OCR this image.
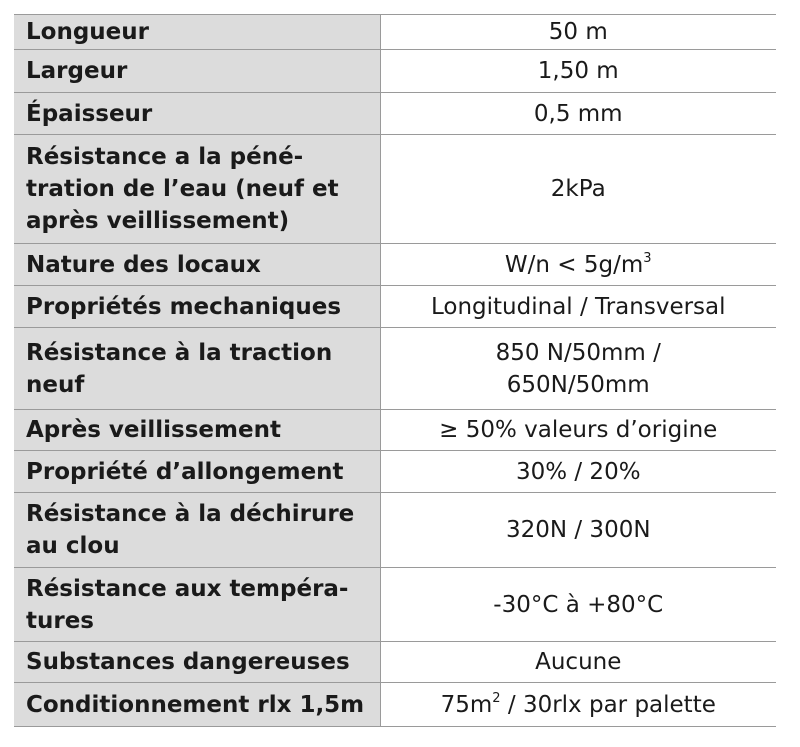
Longueur	50 m
Largeur	1,50 m
Épaisseur	0,5 mm

Résistance a la péné-
tration de l’eau (neuf et
après veillissement)	2kPa
Nature des locaux	$W/n < 5g/m^3$
Propriétés mechaniques	Longitudinal / Transversal

Résistance à la traction
neuf	850 N/50mm /
650N/50mm

Après veillissement	≥ 50% valeurs d’origine
Propriété d’allongement	30% / 20%

Résistance à la déchirure
au clou	320N / 300N

Résistance aux tempéra-
tures	-30°C à +80°C
Substances dangereuses	Aucune
Conditionnement rlx 1,5m	$75m^2 / 30rlx$ par palette
